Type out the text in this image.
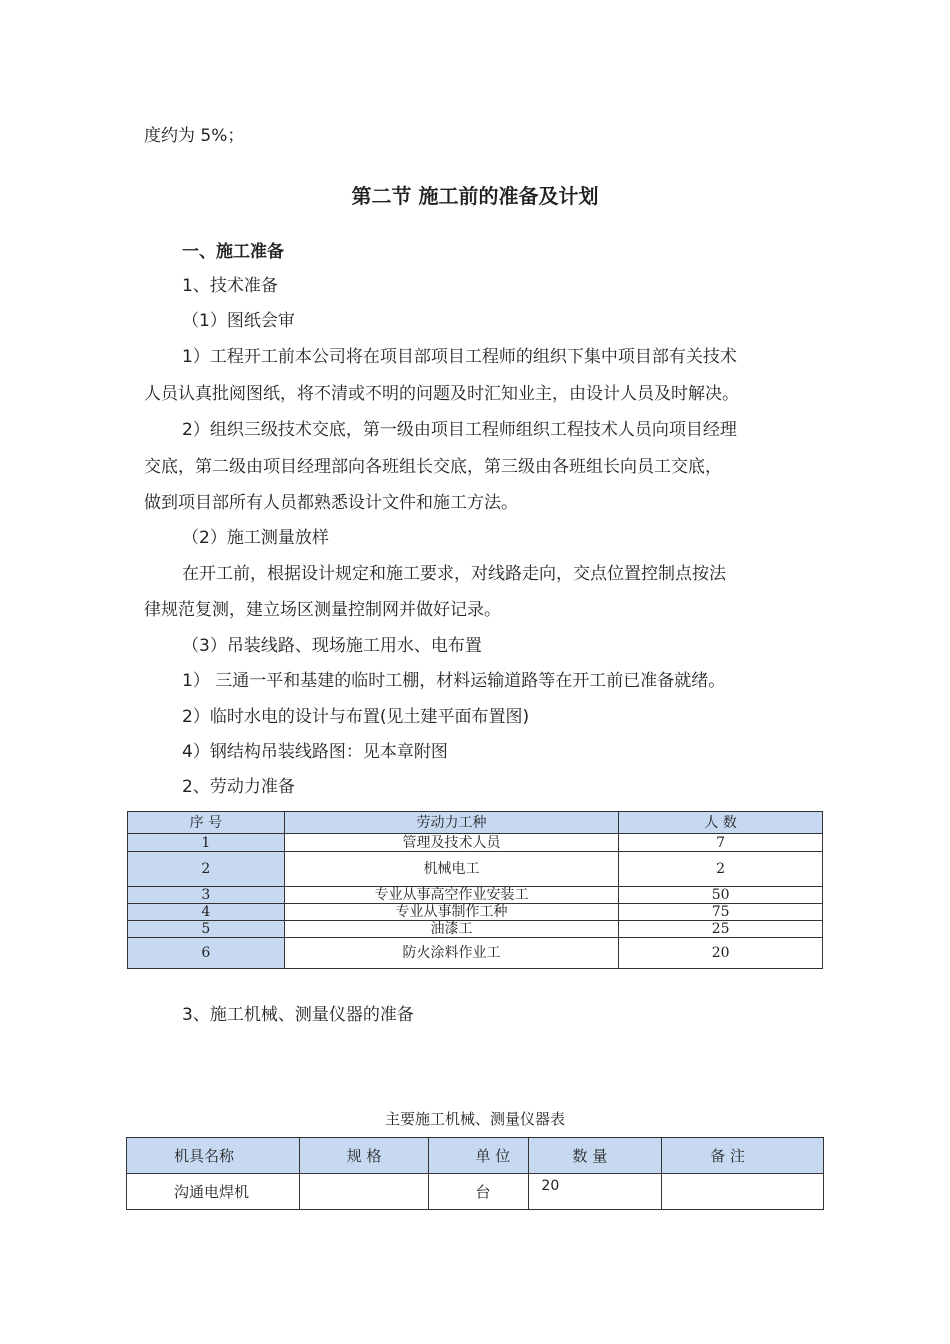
度约为 5%；
第二节 施工前的准备及计划
一、施工准备
1、技术准备
（1）图纸会审
1）工程开工前本公司将在项目部项目工程师的组织下集中项目部有关技术
人员认真批阅图纸，将不清或不明的问题及时汇知业主，由设计人员及时解决。
2）组织三级技术交底，第一级由项目工程师组织工程技术人员向项目经理
交底，第二级由项目经理部向各班组长交底，第三级由各班组长向员工交底，
做到项目部所有人员都熟悉设计文件和施工方法。
（2）施工测量放样
在开工前，根据设计规定和施工要求，对线路走向，交点位置控制点按法
律规范复测，建立场区测量控制网并做好记录。
（3）吊装线路、现场施工用水、电布置
1） 三通一平和基建的临时工棚，材料运输道路等在开工前已准备就绪。
2）临时水电的设计与布置(见土建平面布置图)
4）钢结构吊装线路图：见本章附图
2、劳动力准备
序 号	劳动力工种	人 数
1	管理及技术人员	7
2	机械电工	2
3	专业从事高空作业安装工	50
4	专业从事制作工种	75
5	油漆工	25
6	防火涂料作业工	20
3、施工机械、测量仪器的准备
主要施工机械、测量仪器表
机具名称	规 格	单 位	数 量	备 注

沟通电焊机		台	20	
